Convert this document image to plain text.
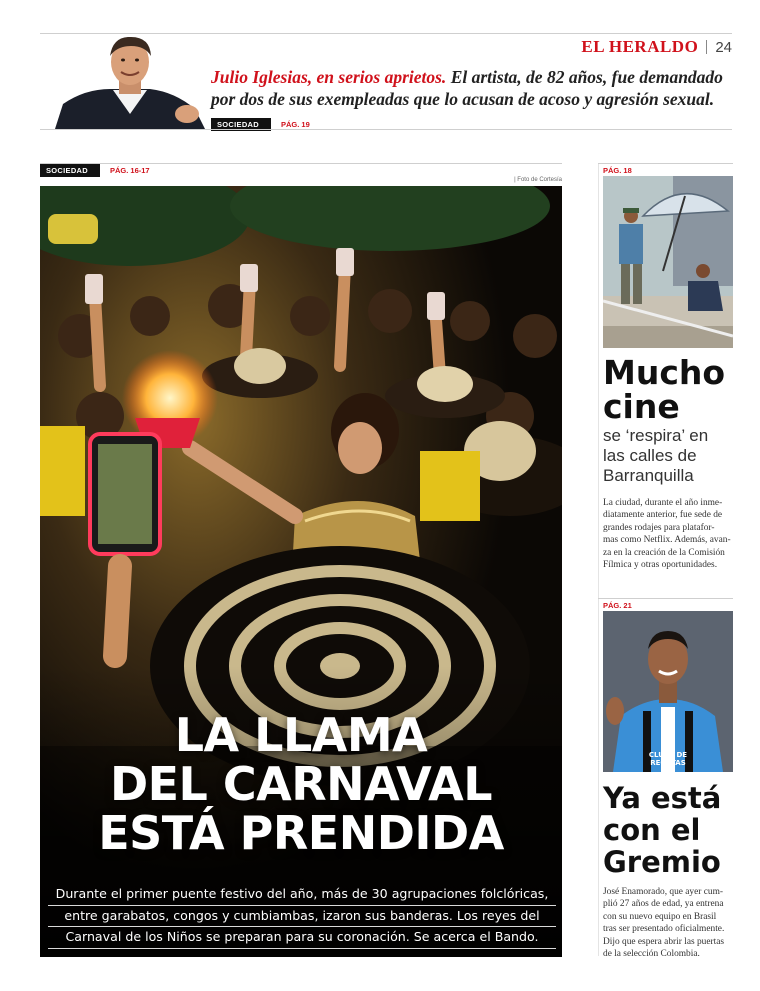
EL HERALDO 24
Julio Iglesias, en serios aprietos. El artista, de 82 años, fue demandado por dos de sus exempleadas que lo acusan de acoso y agresión sexual.
SOCIEDAD	PÁG. 19
SOCIEDAD	PÁG. 16-17
| Foto de Cortesía
LA LLAMA
DEL CARNAVAL
ESTÁ PRENDIDA
Durante el primer puente festivo del año, más de 30 agrupaciones folclóricas,
entre garabatos, congos y cumbiambas, izaron sus banderas. Los reyes del
Carnaval de los Niños se preparan para su coronación. Se acerca el Bando.
PÁG. 18
Mucho
cine
se ‘respira’ en
las calles de
Barranquilla
La ciudad, durante el año inme-
diatamente anterior, fue sede de
grandes rodajes para platafor-
mas como Netflix. Además, avan-
za en la creación de la Comisión
Fílmica y otras oportunidades.
PÁG. 21
CLUBE DE REGATAS
Ya está
con el
Gremio
José Enamorado, que ayer cum-
plió 27 años de edad, ya entrena
con su nuevo equipo en Brasil
tras ser presentado oficialmente.
Dijo que espera abrir las puertas
de la selección Colombia.
